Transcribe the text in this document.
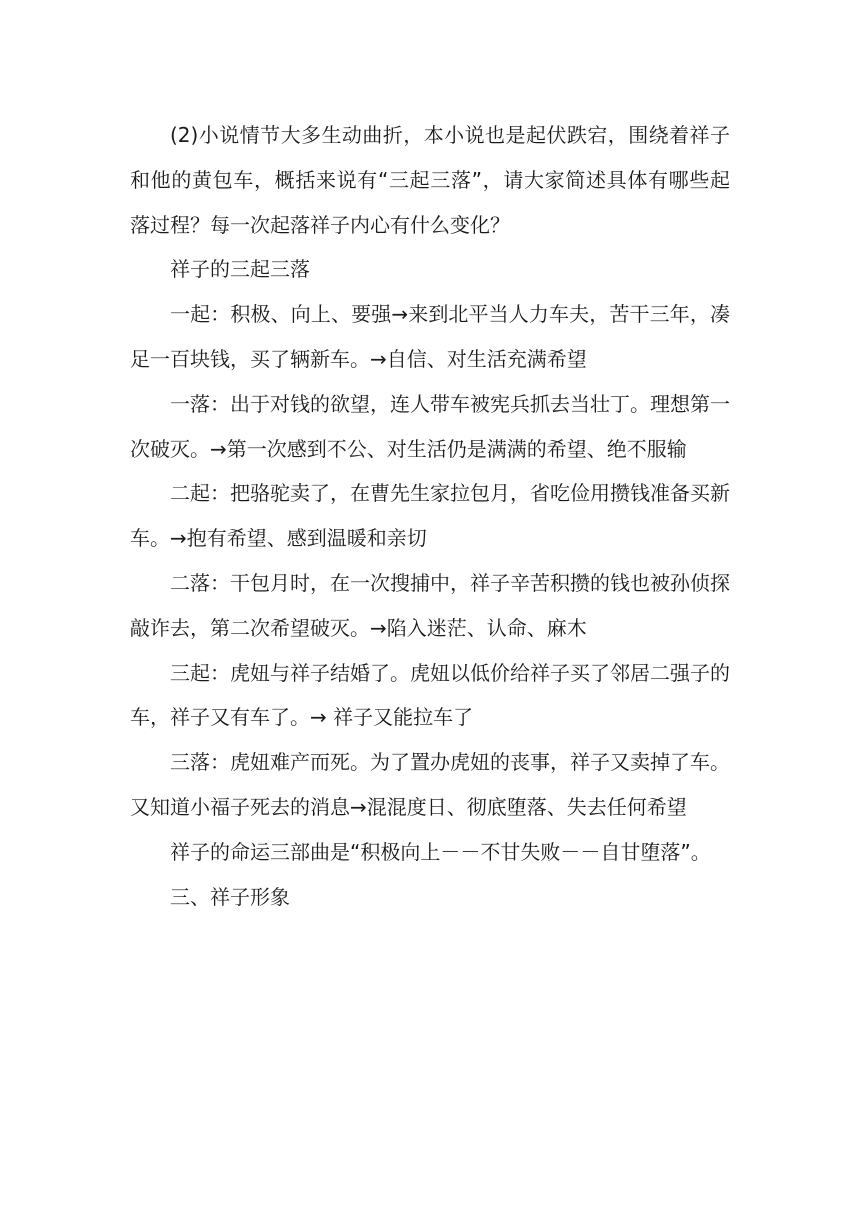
(2)小说情节大多生动曲折，本小说也是起伏跌宕，围绕着祥子和他的黄包车，概括来说有“三起三落”，请大家简述具体有哪些起落过程？每一次起落祥子内心有什么变化？

祥子的三起三落

一起：积极、向上、要强→来到北平当人力车夫，苦干三年，凑足一百块钱，买了辆新车。→自信、对生活充满希望

一落：出于对钱的欲望，连人带车被宪兵抓去当壮丁。理想第一次破灭。→第一次感到不公、对生活仍是满满的希望、绝不服输

二起：把骆驼卖了，在曹先生家拉包月，省吃俭用攒钱准备买新车。→抱有希望、感到温暖和亲切

二落：干包月时，在一次搜捕中，祥子辛苦积攒的钱也被孙侦探敲诈去，第二次希望破灭。→陷入迷茫、认命、麻木

三起：虎妞与祥子结婚了。虎妞以低价给祥子买了邻居二强子的车，祥子又有车了。→ 祥子又能拉车了

三落：虎妞难产而死。为了置办虎妞的丧事，祥子又卖掉了车。又知道小福子死去的消息→混混度日、彻底堕落、失去任何希望

祥子的命运三部曲是“积极向上－－不甘失败－－自甘堕落”。

三、祥子形象
